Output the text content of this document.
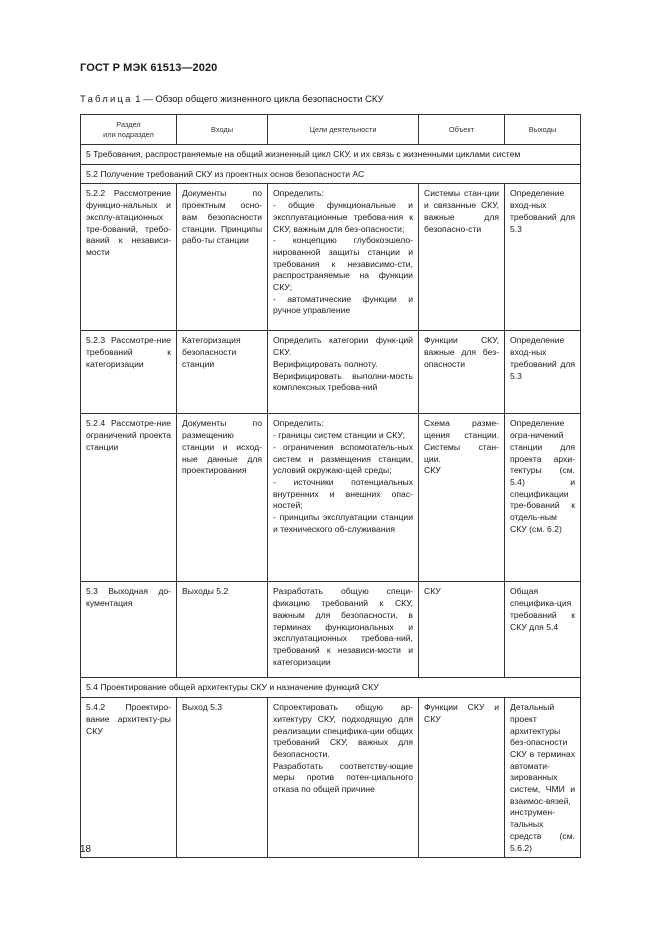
ГОСТ Р МЭК 61513—2020
Таблица 1 — Обзор общего жизненного цикла безопасности СКУ
Раздел
или подраздел	Входы	Цели деятельности	Объект	Выходы
5 Требования, распространяемые на общий жизненный цикл СКУ, и их связь с жизненными циклами систем				
5.2 Получение требований СКУ из проектных основ безопасности АС				
5.2.2 Рассмотрение функцио-нальных и эксплу-атационных тре-бований, требо-ваний к независи-мости	Документы по проектным осно-вам безопасности станции. Принципы рабо-ты станции	Определить:
- общие функциональные и эксплуатационные требова-ния к СКУ, важным для без-опасности;
- концепцию глубокоэшело-нированной защиты станции и требования к независимо-сти, распространяемые на функции СКУ;
- автоматические функции и ручное управление	Системы стан-ции и связанные СКУ, важные для безопасно-сти	Определение вход-ных требований для 5.3
5.2.3 Рассмотре-ние требований к категоризации	Категоризация безопасности станции	Определить категории функ-ций СКУ.
Верифицировать полноту.
Верифицировать выполни-мость комплексных требова-ний	Функции СКУ, важные для без-опасности	Определение вход-ных требований для 5.3
5.2.4 Рассмотре-ние ограничений проекта станции	Документы по размещению станции и исход-ные данные для проектирования	Определить:
- границы систем станции и СКУ;
- ограничения вспомогатель-ных систем и размещения станции, условий окружаю-щей среды;
- источники потенциальных внутренних и внешних опас-ностей;
- принципы эксплуатации станции и технического об-служивания	Схема разме-щения станции. Системы стан-ции.
СКУ	Определение огра-ничений станции для проекта архи-тектуры (см. 5.4) и спецификации тре-бований к отдель-ным СКУ (см. 6.2)
5.3 Выходная до-кументация	Выходы 5.2	Разработать общую специ-фикацию требований к СКУ, важным для безопасности, в терминах функциональных и эксплуатационных требова-ний, требований к независи-мости и категоризации	СКУ	Общая специфика-ция требований к СКУ для 5.4
5.4 Проектирование общей архитектуры СКУ и назначение функций СКУ				
5.4.2 Проектиро-вание архитекту-ры СКУ	Выход 5.3	Спроектировать общую ар-хитектуру СКУ, подходящую для реализации специфика-ции общих требований СКУ, важных для безопасности.
Разработать соответству-ющие меры против потен-циального отказа по общей причине	Функции СКУ и СКУ	Детальный проект архитектуры без-опасности СКУ в терминах автомати-зированных систем, ЧМИ и взаимос-вязей, инструмен-тальных средств (см. 5.6.2)
18
